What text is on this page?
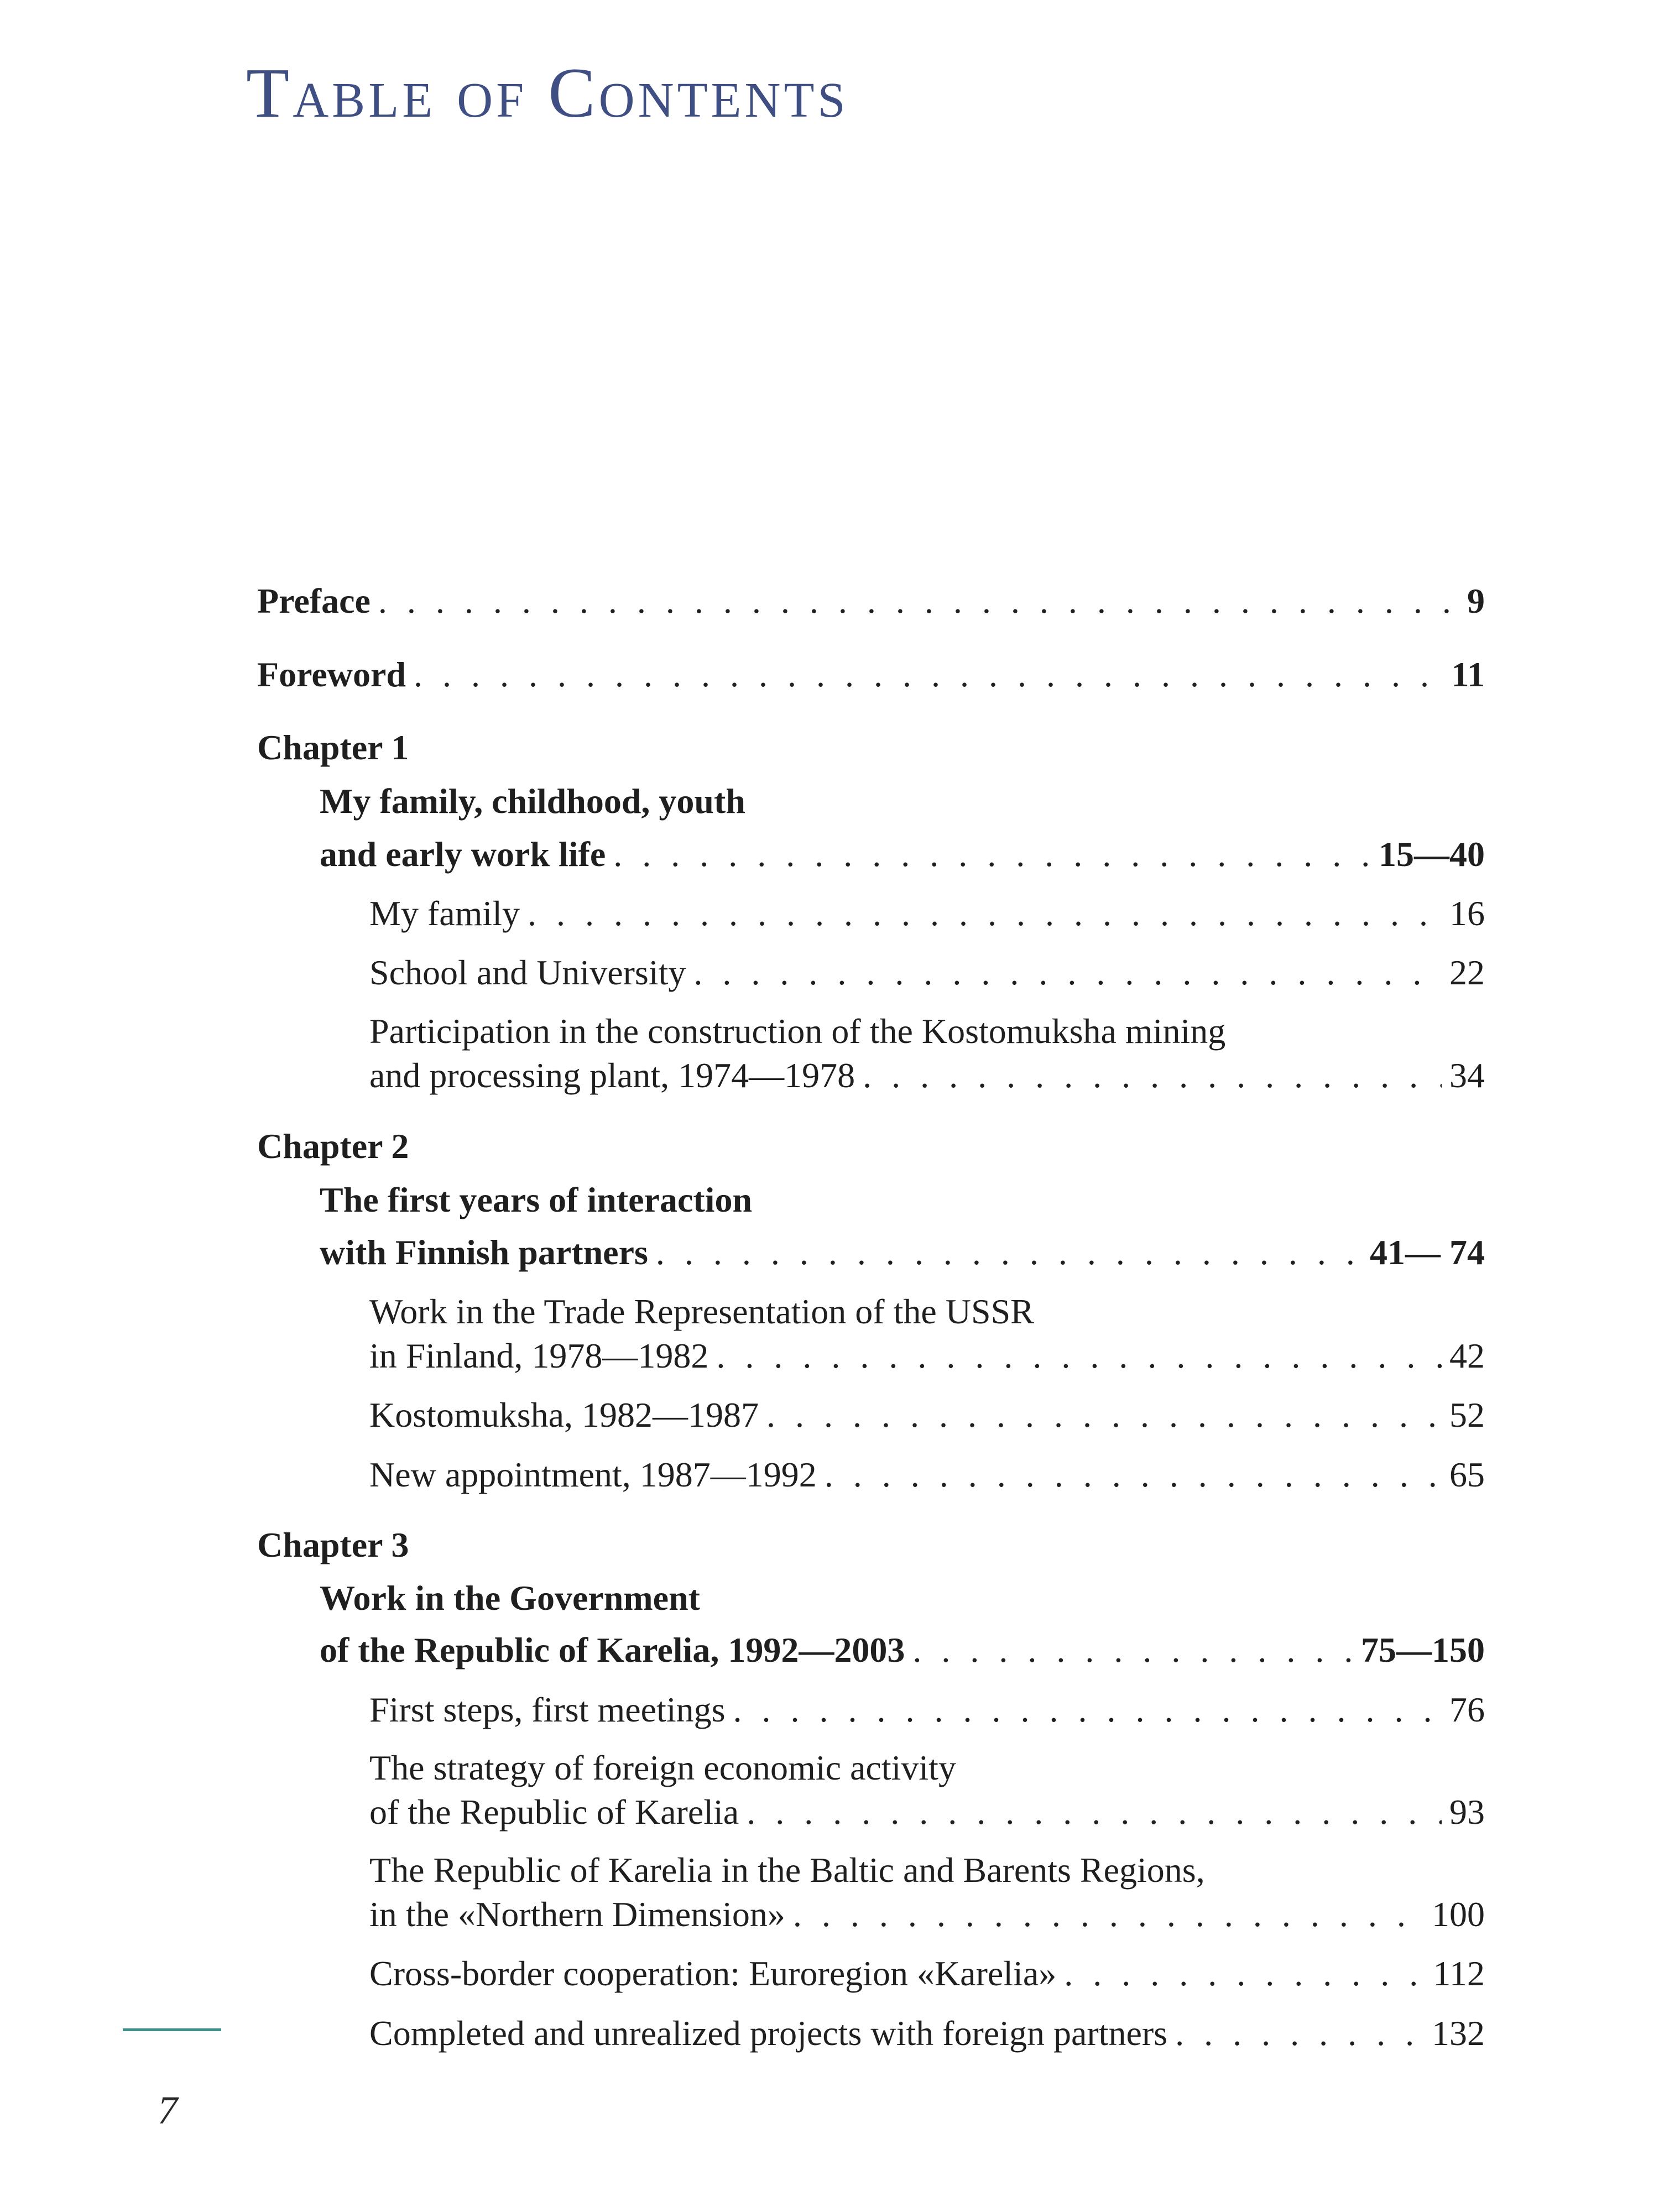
Table of Contents
Preface . . .	9
Foreword . . .	11
Chapter 1
My family, childhood, youth
and early work life . . .	15—40
My family . . .	16
School and University . . .	22
Participation in the construction of the Kostomuksha mining
and processing plant, 1974—1978 . . .	34
Chapter 2
The first years of interaction
with Finnish partners . . .	41— 74
Work in the Trade Representation of the USSR
in Finland, 1978—1982 . . .	42
Kostomuksha, 1982—1987 . . .	52
New appointment, 1987—1992 . . .	65
Chapter 3
Work in the Government
of the Republic of Karelia, 1992—2003 . . .	75—150
First steps, first meetings . . .	76
The strategy of foreign economic activity
of the Republic of Karelia . . .	93
The Republic of Karelia in the Baltic and Barents Regions,
in the «Northern Dimension» . . .	100
Cross-border cooperation: Euroregion «Karelia» . . .	112
Completed and unrealized projects with foreign partners . . .	132
7
